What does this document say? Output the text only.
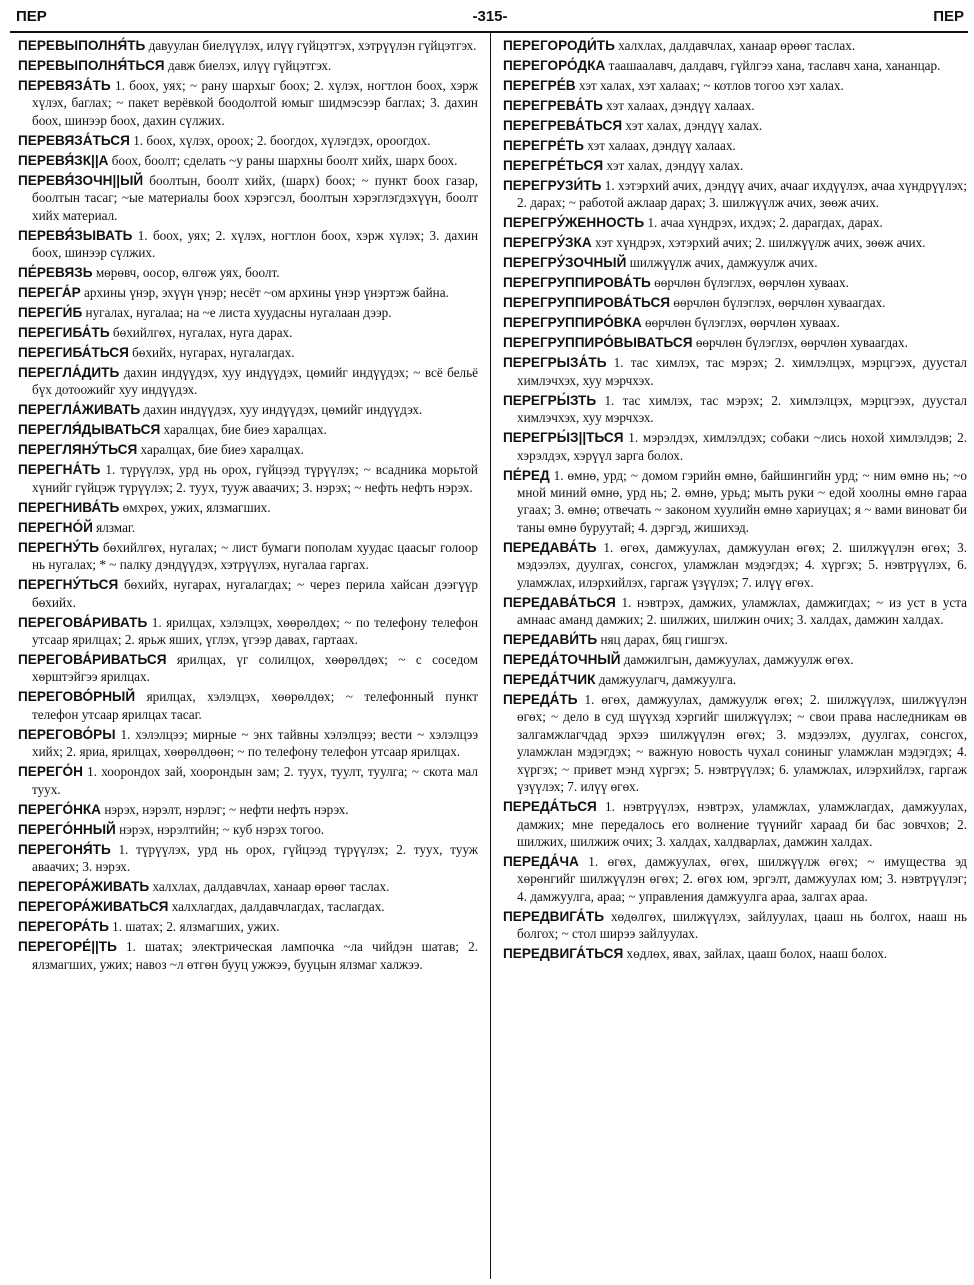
ПЕР	-315-	ПЕР

ПЕРЕВЫПОЛНЯ́ТЬ давуулан биелүүлэх, илүү гүйцэтгэх, хэтрүүлэн гүйцэтгэх.

ПЕРЕВЫПОЛНЯ́ТЬСЯ давж биелэх, илүү гүйцэтгэх.

ПЕРЕВЯЗА́ТЬ 1. боох, уях; ~ рану шархыг боох; 2. хүлэх, ногтлон боох, хэрж хүлэх, баглах; ~ пакет верёвкой боодолтой юмыг шидмэсээр баглах; 3. дахин боох, шинээр боох, дахин сүлжих.

ПЕРЕВЯЗА́ТЬСЯ 1. боох, хүлэх, ороох; 2. боогдох, хүлэгдэх, ороогдох.

ПЕРЕВЯ́ЗК||А боох, боолт; сделать ~у раны шархны боолт хийх, шарх боох.

ПЕРЕВЯ́ЗОЧН||ЫЙ боолтын, боолт хийх, (шарх) боох; ~ пункт боох газар, боолтын тасаг; ~ые материалы боох хэрэгсэл, боолтын хэрэглэгдэхүүн, боолт хийх материал.

ПЕРЕВЯ́ЗЫВАТЬ 1. боох, уях; 2. хүлэх, ногтлон боох, хэрж хүлэх; 3. дахин боох, шинээр сүлжих.

ПЕ́РЕВЯЗЬ мөрөвч, оосор, өлгөж уях, боолт.

ПЕРЕГА́Р архины үнэр, эхүүн үнэр; несёт ~ом архины үнэр үнэртэж байна.

ПЕРЕГИ́Б нугалах, нугалаа; на ~е листа хуудасны нугалаан дээр.

ПЕРЕГИБА́ТЬ бөхийлгөх, нугалах, нуга дарах.

ПЕРЕГИБА́ТЬСЯ бөхийх, нугарах, нугалагдах.

ПЕРЕГЛА́ДИТЬ дахин индүүдэх, хуу индүүдэх, цөмийг индүүдэх; ~ всё бельё бүх дотоожийг хуу индүүдэх.

ПЕРЕГЛА́ЖИВАТЬ дахин индүүдэх, хуу индүүдэх, цөмийг индүүдэх.

ПЕРЕГЛЯ́ДЫВАТЬСЯ харалцах, бие биеэ харалцах.

ПЕРЕГЛЯНУ́ТЬСЯ харалцах, бие биеэ харалцах.

ПЕРЕГНА́ТЬ 1. түрүүлэх, урд нь орох, гүйцээд түрүүлэх; ~ всадника морьтой хүнийг гүйцэж түрүүлэх; 2. туух, тууж аваачих; 3. нэрэх; ~ нефть нефть нэрэх.

ПЕРЕГНИВА́ТЬ өмхрөх, ужих, ялзмагших.

ПЕРЕГНО́Й ялзмаг.

ПЕРЕГНУ́ТЬ бөхийлгөх, нугалах; ~ лист бумаги пополам хуудас цаасыг голоор нь нугалах; * ~ палку дэндүүдэх, хэтрүүлэх, нугалаа гаргах.

ПЕРЕГНУ́ТЬСЯ бөхийх, нугарах, нугалагдах; ~ через перила хайсан дээгүүр бөхийх.

ПЕРЕГОВА́РИВАТЬ 1. ярилцах, хэлэлцэх, хөөрөлдөх; ~ по телефону телефон утсаар ярилцах; 2. ярьж яших, үглэх, үгээр давах, гартаах.

ПЕРЕГОВА́РИВАТЬСЯ ярилцах, үг солилцох, хөөрөлдөх; ~ с соседом хөрштэйгээ ярилцах.

ПЕРЕГОВО́РНЫЙ ярилцах, хэлэлцэх, хөөрөлдөх; ~ телефонный пункт телефон утсаар ярилцах тасаг.

ПЕРЕГОВО́РЫ 1. хэлэлцээ; мирные ~ энх тайвны хэлэлцээ; вести ~ хэлэлцээ хийх; 2. яриа, ярилцах, хөөрөлдөөн; ~ по телефону телефон утсаар ярилцах.

ПЕРЕГО́Н 1. хоорондох зай, хоорондын зам; 2. туух, туулт, туулга; ~ скота мал туух.

ПЕРЕГО́НКА нэрэх, нэрэлт, нэрлэг; ~ нефти нефть нэрэх.

ПЕРЕГО́ННЫЙ нэрэх, нэрэлтийн; ~ куб нэрэх тогоо.

ПЕРЕГОНЯ́ТЬ 1. түрүүлэх, урд нь орох, гүйцээд түрүүлэх; 2. туух, тууж аваачих; 3. нэрэх.

ПЕРЕГОРА́ЖИВАТЬ халхлах, далдавчлах, ханаар өрөөг таслах.

ПЕРЕГОРА́ЖИВАТЬСЯ халхлагдах, далдавчлагдах, таслагдах.

ПЕРЕГОРА́ТЬ 1. шатах; 2. ялзмагших, ужих.

ПЕРЕГОРЕ́||ТЬ 1. шатах; электрическая лампочка ~ла чийдэн шатав; 2. ялзмагших, ужих; навоз ~л өтгөн бууц ужжээ, бууцын ялзмаг халжээ.

ПЕРЕГОРОДИ́ТЬ халхлах, далдавчлах, ханаар өрөөг таслах.

ПЕРЕГОРО́ДКА таашаалавч, далдавч, гүйлгээ хана, таславч хана, хананцар.

ПЕРЕГРЕ́В хэт халах, хэт халаах; ~ котлов тогоо хэт халах.

ПЕРЕГРЕВА́ТЬ хэт халаах, дэндүү халаах.

ПЕРЕГРЕВА́ТЬСЯ хэт халах, дэндүү халах.

ПЕРЕГРЕ́ТЬ хэт халаах, дэндүү халаах.

ПЕРЕГРЕ́ТЬСЯ хэт халах, дэндүү халах.

ПЕРЕГРУЗИ́ТЬ 1. хэтэрхий ачих, дэндүү ачих, ачааг ихдүүлэх, ачаа хүндрүүлэх; 2. дарах; ~ работой ажлаар дарах; 3. шилжүүлж ачих, зөөж ачих.

ПЕРЕГРУ́ЖЕННОСТЬ 1. ачаа хүндрэх, ихдэх; 2. дарагдах, дарах.

ПЕРЕГРУ́ЗКА хэт хүндрэх, хэтэрхий ачих; 2. шилжүүлж ачих, зөөж ачих.

ПЕРЕГРУ́ЗОЧНЫЙ шилжүүлж ачих, дамжуулж ачих.

ПЕРЕГРУППИРОВА́ТЬ өөрчлөн бүлэглэх, өөрчлөн хуваах.

ПЕРЕГРУППИРОВА́ТЬСЯ өөрчлөн бүлэглэх, өөрчлөн хуваагдах.

ПЕРЕГРУППИРО́ВКА өөрчлөн бүлэглэх, өөрчлөн хуваах.

ПЕРЕГРУППИРО́ВЫВАТЬСЯ өөрчлөн бүлэглэх, өөрчлөн хуваагдах.

ПЕРЕГРЫЗА́ТЬ 1. тас химлэх, тас мэрэх; 2. химлэлцэх, мэрцгээх, дуустал химлэчхэх, хуу мэрчхэх.

ПЕРЕГРЫ́ЗТЬ 1. тас химлэх, тас мэрэх; 2. химлэлцэх, мэрцгээх, дуустал химлэчхэх, хуу мэрчхэх.

ПЕРЕГРЫ́З||ТЬСЯ 1. мэрэлдэх, химлэлдэх; собаки ~лись нохой химлэлдэв; 2. хэрэлдэх, хэрүүл зарга болох.

ПЕ́РЕД 1. өмнө, урд; ~ домом гэрийн өмнө, байшингийн урд; ~ ним өмнө нь; ~о мной миний өмнө, урд нь; 2. өмнө, урьд; мыть руки ~ едой хоолны өмнө гараа угаах; 3. өмнө; отвечать ~ законом хуулийн өмнө хариуцах; я ~ вами виноват би таны өмнө буруутай; 4. дэргэд, жишихэд.

ПЕРЕДАВА́ТЬ 1. өгөх, дамжуулах, дамжуулан өгөх; 2. шилжүүлэн өгөх; 3. мэдээлэх, дуулгах, сонсгох, уламжлан мэдэгдэх; 4. хүргэх; 5. нэвтрүүлэх, 6. уламжлах, илэрхийлэх, гаргаж үзүүлэх; 7. илүү өгөх.

ПЕРЕДАВА́ТЬСЯ 1. нэвтрэх, дамжих, уламжлах, дамжигдах; ~ из уст в уста амнаас аманд дамжих; 2. шилжих, шилжин очих; 3. халдах, дамжин халдах.

ПЕРЕДАВИ́ТЬ няц дарах, бяц гишгэх.

ПЕРЕДА́ТОЧНЫЙ дамжилгын, дамжуулах, дамжуулж өгөх.

ПЕРЕДА́ТЧИК дамжуулагч, дамжуулга.

ПЕРЕДА́ТЬ 1. өгөх, дамжуулах, дамжуулж өгөх; 2. шилжүүлэх, шилжүүлэн өгөх; ~ дело в суд шүүхэд хэргийг шилжүүлэх; ~ свои права наследникам өв залгамжлагчдад эрхээ шилжүүлэн өгөх; 3. мэдээлэх, дуулгах, сонсгох, уламжлан мэдэгдэх; ~ важную новость чухал сониныг уламжлан мэдэгдэх; 4. хүргэх; ~ привет мэнд хүргэх; 5. нэвтрүүлэх; 6. уламжлах, илэрхийлэх, гаргаж үзүүлэх; 7. илүү өгөх.

ПЕРЕДА́ТЬСЯ 1. нэвтрүүлэх, нэвтрэх, уламжлах, уламжлагдах, дамжуулах, дамжих; мне передалось его волнение түүнийг хараад би бас зовчхов; 2. шилжих, шилжиж очих; 3. халдах, халдварлах, дамжин халдах.

ПЕРЕДА́ЧА 1. өгөх, дамжуулах, өгөх, шилжүүлж өгөх; ~ имущества эд хөрөнгийг шилжүүлэн өгөх; 2. өгөх юм, эргэлт, дамжуулах юм; 3. нэвтрүүлэг; 4. дамжуулга, араа; ~ управления дамжуулга араа, залгах араа.

ПЕРЕДВИГА́ТЬ хөдөлгөх, шилжүүлэх, зайлуулах, цааш нь болгох, нааш нь болгох; ~ стол ширээ зайлуулах.

ПЕРЕДВИГА́ТЬСЯ хөдлөх, явах, зайлах, цааш болох, нааш болох.
